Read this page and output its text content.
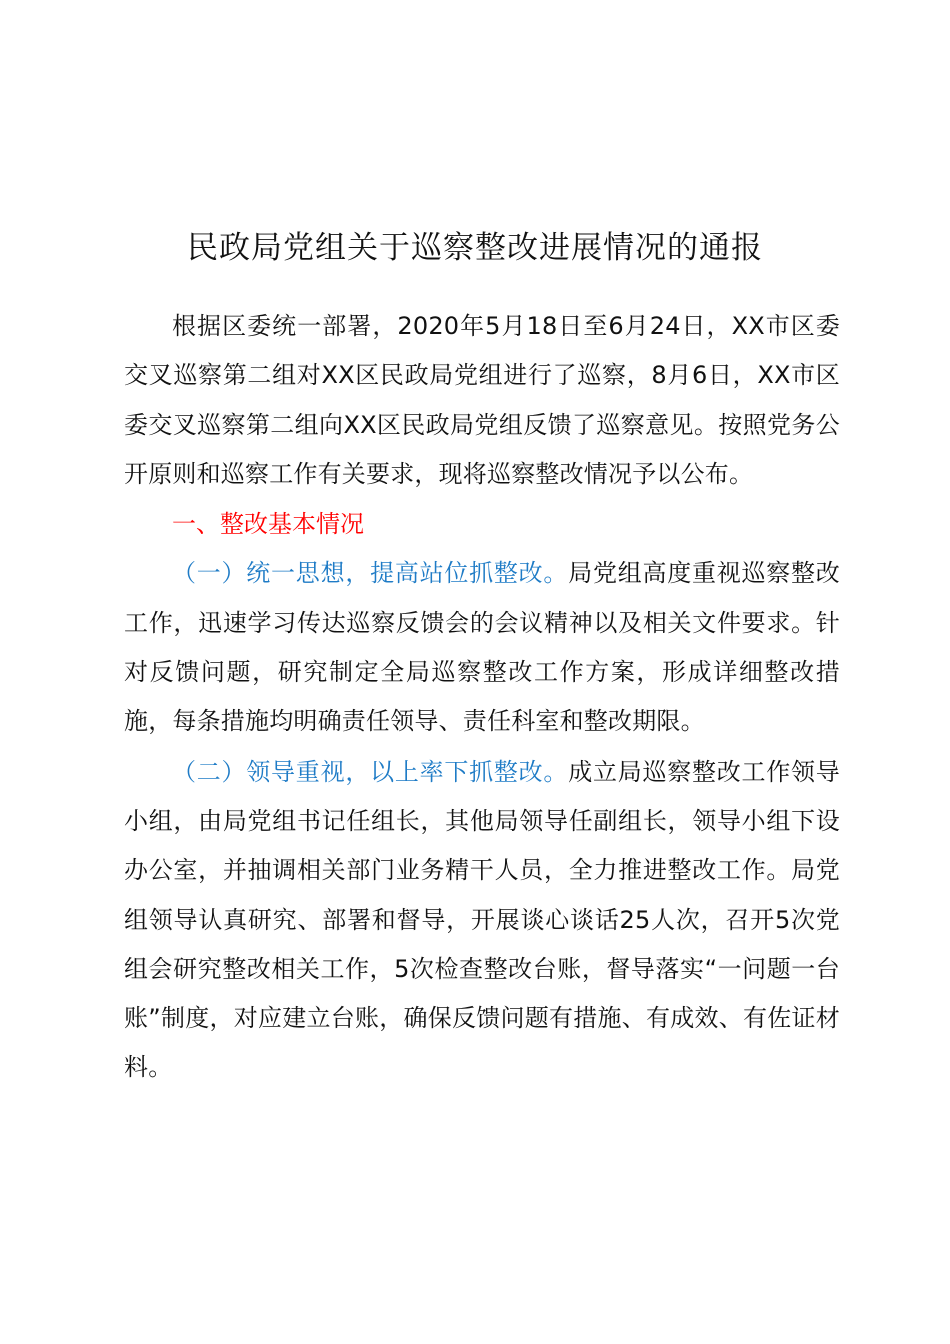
民政局党组关于巡察整改进展情况的通报

根据区委统一部署，2020年5月18日至6月24日，XX市区委交叉巡察第二组对XX区民政局党组进行了巡察，8月6日，XX市区委交叉巡察第二组向XX区民政局党组反馈了巡察意见。按照党务公开原则和巡察工作有关要求，现将巡察整改情况予以公布。

一、整改基本情况

（一）统一思想，提高站位抓整改。局党组高度重视巡察整改工作，迅速学习传达巡察反馈会的会议精神以及相关文件要求。针对反馈问题，研究制定全局巡察整改工作方案，形成详细整改措施，每条措施均明确责任领导、责任科室和整改期限。

（二）领导重视，以上率下抓整改。成立局巡察整改工作领导小组，由局党组书记任组长，其他局领导任副组长，领导小组下设办公室，并抽调相关部门业务精干人员，全力推进整改工作。局党组领导认真研究、部署和督导，开展谈心谈话25人次，召开5次党组会研究整改相关工作，5次检查整改台账，督导落实“一问题一台账”制度，对应建立台账，确保反馈问题有措施、有成效、有佐证材料。
